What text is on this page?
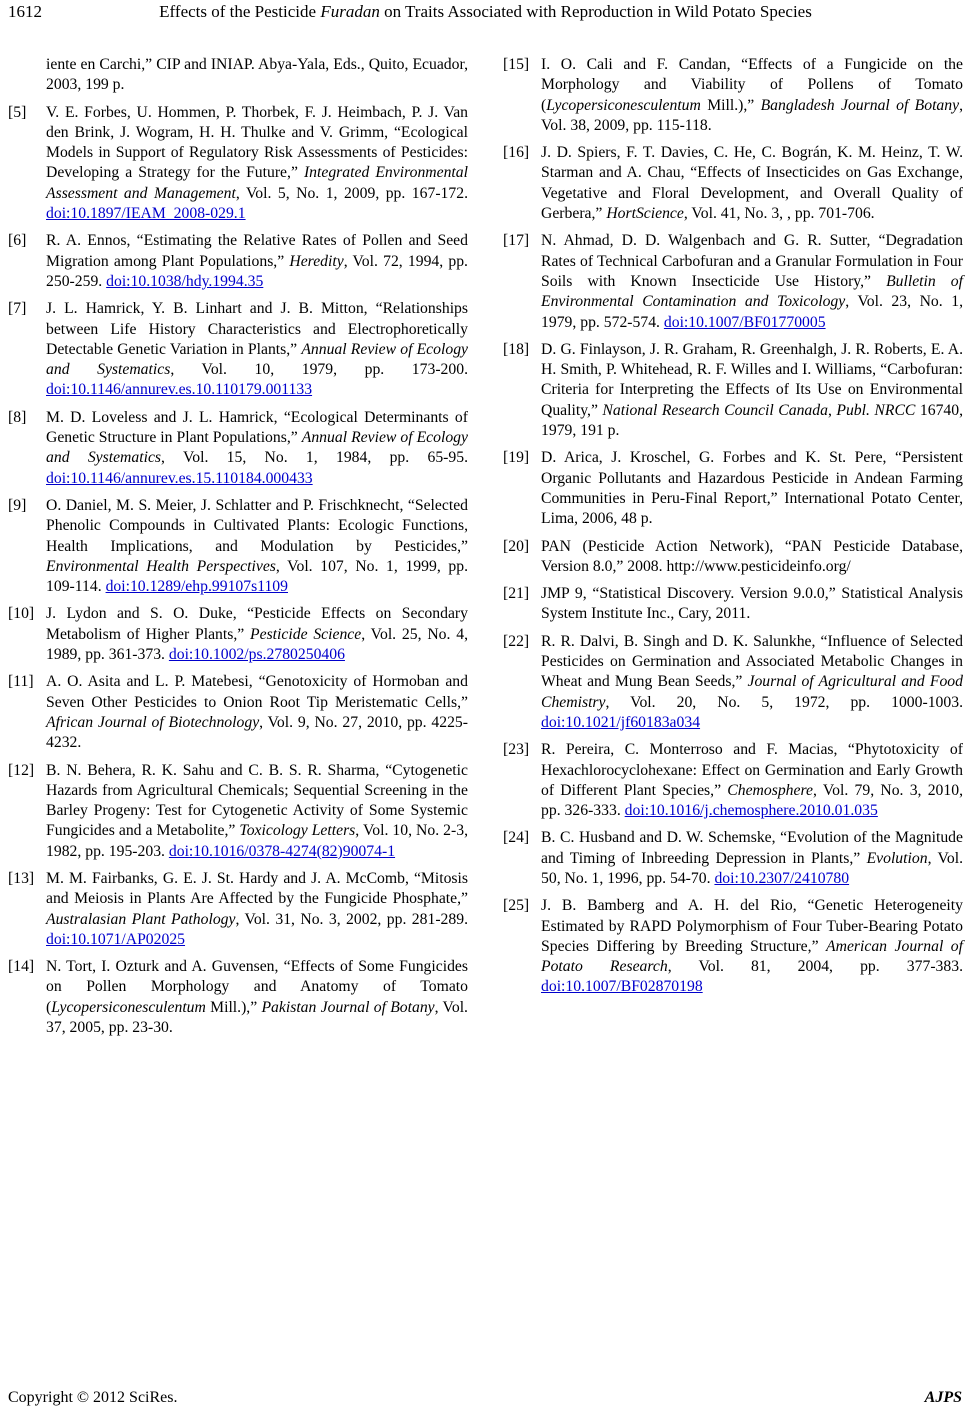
1612	Effects of the Pesticide Furadan on Traits Associated with Reproduction in Wild Potato Species
iente en Carchi,” CIP and INIAP. Abya-Yala, Eds., Quito, Ecuador, 2003, 199 p.
[5]	V. E. Forbes, U. Hommen, P. Thorbek, F. J. Heimbach, P. J. Van den Brink, J. Wogram, H. H. Thulke and V. Grimm, “Ecological Models in Support of Regulatory Risk Assessments of Pesticides: Developing a Strategy for the Future,” Integrated Environmental Assessment and Management, Vol. 5, No. 1, 2009, pp. 167-172. doi:10.1897/IEAM_2008-029.1
[6]	R. A. Ennos, “Estimating the Relative Rates of Pollen and Seed Migration among Plant Populations,” Heredity, Vol. 72, 1994, pp. 250-259. doi:10.1038/hdy.1994.35
[7]	J. L. Hamrick, Y. B. Linhart and J. B. Mitton, “Relationships between Life History Characteristics and Electrophoretically Detectable Genetic Variation in Plants,” Annual Review of Ecology and Systematics, Vol. 10, 1979, pp. 173-200. doi:10.1146/annurev.es.10.110179.001133
[8]	M. D. Loveless and J. L. Hamrick, “Ecological Determinants of Genetic Structure in Plant Populations,” Annual Review of Ecology and Systematics, Vol. 15, No. 1, 1984, pp. 65-95. doi:10.1146/annurev.es.15.110184.000433
[9]	O. Daniel, M. S. Meier, J. Schlatter and P. Frischknecht, “Selected Phenolic Compounds in Cultivated Plants: Ecologic Functions, Health Implications, and Modulation by Pesticides,” Environmental Health Perspectives, Vol. 107, No. 1, 1999, pp. 109-114. doi:10.1289/ehp.99107s1109
[10] J. Lydon and S. O. Duke, “Pesticide Effects on Secondary Metabolism of Higher Plants,” Pesticide Science, Vol. 25, No. 4, 1989, pp. 361-373. doi:10.1002/ps.2780250406
[11] A. O. Asita and L. P. Matebesi, “Genotoxicity of Hormoban and Seven Other Pesticides to Onion Root Tip Meristematic Cells,” African Journal of Biotechnology, Vol. 9, No. 27, 2010, pp. 4225-4232.
[12] B. N. Behera, R. K. Sahu and C. B. S. R. Sharma, “Cytogenetic Hazards from Agricultural Chemicals; Sequential Screening in the Barley Progeny: Test for Cytogenetic Activity of Some Systemic Fungicides and a Metabolite,” Toxicology Letters, Vol. 10, No. 2-3, 1982, pp. 195-203. doi:10.1016/0378-4274(82)90074-1
[13] M. M. Fairbanks, G. E. J. St. Hardy and J. A. McComb, “Mitosis and Meiosis in Plants Are Affected by the Fungicide Phosphate,” Australasian Plant Pathology, Vol. 31, No. 3, 2002, pp. 281-289. doi:10.1071/AP02025
[14] N. Tort, I. Ozturk and A. Guvensen, “Effects of Some Fungicides on Pollen Morphology and Anatomy of Tomato (Lycopersiconesculentum Mill.),” Pakistan Journal of Botany, Vol. 37, 2005, pp. 23-30.
[15] I. O. Cali and F. Candan, “Effects of a Fungicide on the Morphology and Viability of Pollens of Tomato (Lycopersiconesculentum Mill.),” Bangladesh Journal of Botany, Vol. 38, 2009, pp. 115-118.
[16] J. D. Spiers, F. T. Davies, C. He, C. Bográn, K. M. Heinz, T. W. Starman and A. Chau, “Effects of Insecticides on Gas Exchange, Vegetative and Floral Development, and Overall Quality of Gerbera,” HortScience, Vol. 41, No. 3, , pp. 701-706.
[17] N. Ahmad, D. D. Walgenbach and G. R. Sutter, “Degradation Rates of Technical Carbofuran and a Granular Formulation in Four Soils with Known Insecticide Use History,” Bulletin of Environmental Contamination and Toxicology, Vol. 23, No. 1, 1979, pp. 572-574. doi:10.1007/BF01770005
[18] D. G. Finlayson, J. R. Graham, R. Greenhalgh, J. R. Roberts, E. A. H. Smith, P. Whitehead, R. F. Willes and I. Williams, “Carbofuran: Criteria for Interpreting the Effects of Its Use on Environmental Quality,” National Research Council Canada, Publ. NRCC 16740, 1979, 191 p.
[19] D. Arica, J. Kroschel, G. Forbes and K. St. Pere, “Persistent Organic Pollutants and Hazardous Pesticide in Andean Farming Communities in Peru-Final Report,” International Potato Center, Lima, 2006, 48 p.
[20] PAN (Pesticide Action Network), “PAN Pesticide Database, Version 8.0,” 2008. http://www.pesticideinfo.org/
[21] JMP 9, “Statistical Discovery. Version 9.0.0,” Statistical Analysis System Institute Inc., Cary, 2011.
[22] R. R. Dalvi, B. Singh and D. K. Salunkhe, “Influence of Selected Pesticides on Germination and Associated Metabolic Changes in Wheat and Mung Bean Seeds,” Journal of Agricultural and Food Chemistry, Vol. 20, No. 5, 1972, pp. 1000-1003. doi:10.1021/jf60183a034
[23] R. Pereira, C. Monterroso and F. Macias, “Phytotoxicity of Hexachlorocyclohexane: Effect on Germination and Early Growth of Different Plant Species,” Chemosphere, Vol. 79, No. 3, 2010, pp. 326-333. doi:10.1016/j.chemosphere.2010.01.035
[24] B. C. Husband and D. W. Schemske, “Evolution of the Magnitude and Timing of Inbreeding Depression in Plants,” Evolution, Vol. 50, No. 1, 1996, pp. 54-70. doi:10.2307/2410780
[25] J. B. Bamberg and A. H. del Rio, “Genetic Heterogeneity Estimated by RAPD Polymorphism of Four Tuber-Bearing Potato Species Differing by Breeding Structure,” American Journal of Potato Research, Vol. 81, 2004, pp. 377-383. doi:10.1007/BF02870198
Copyright © 2012 SciRes.	AJPS
